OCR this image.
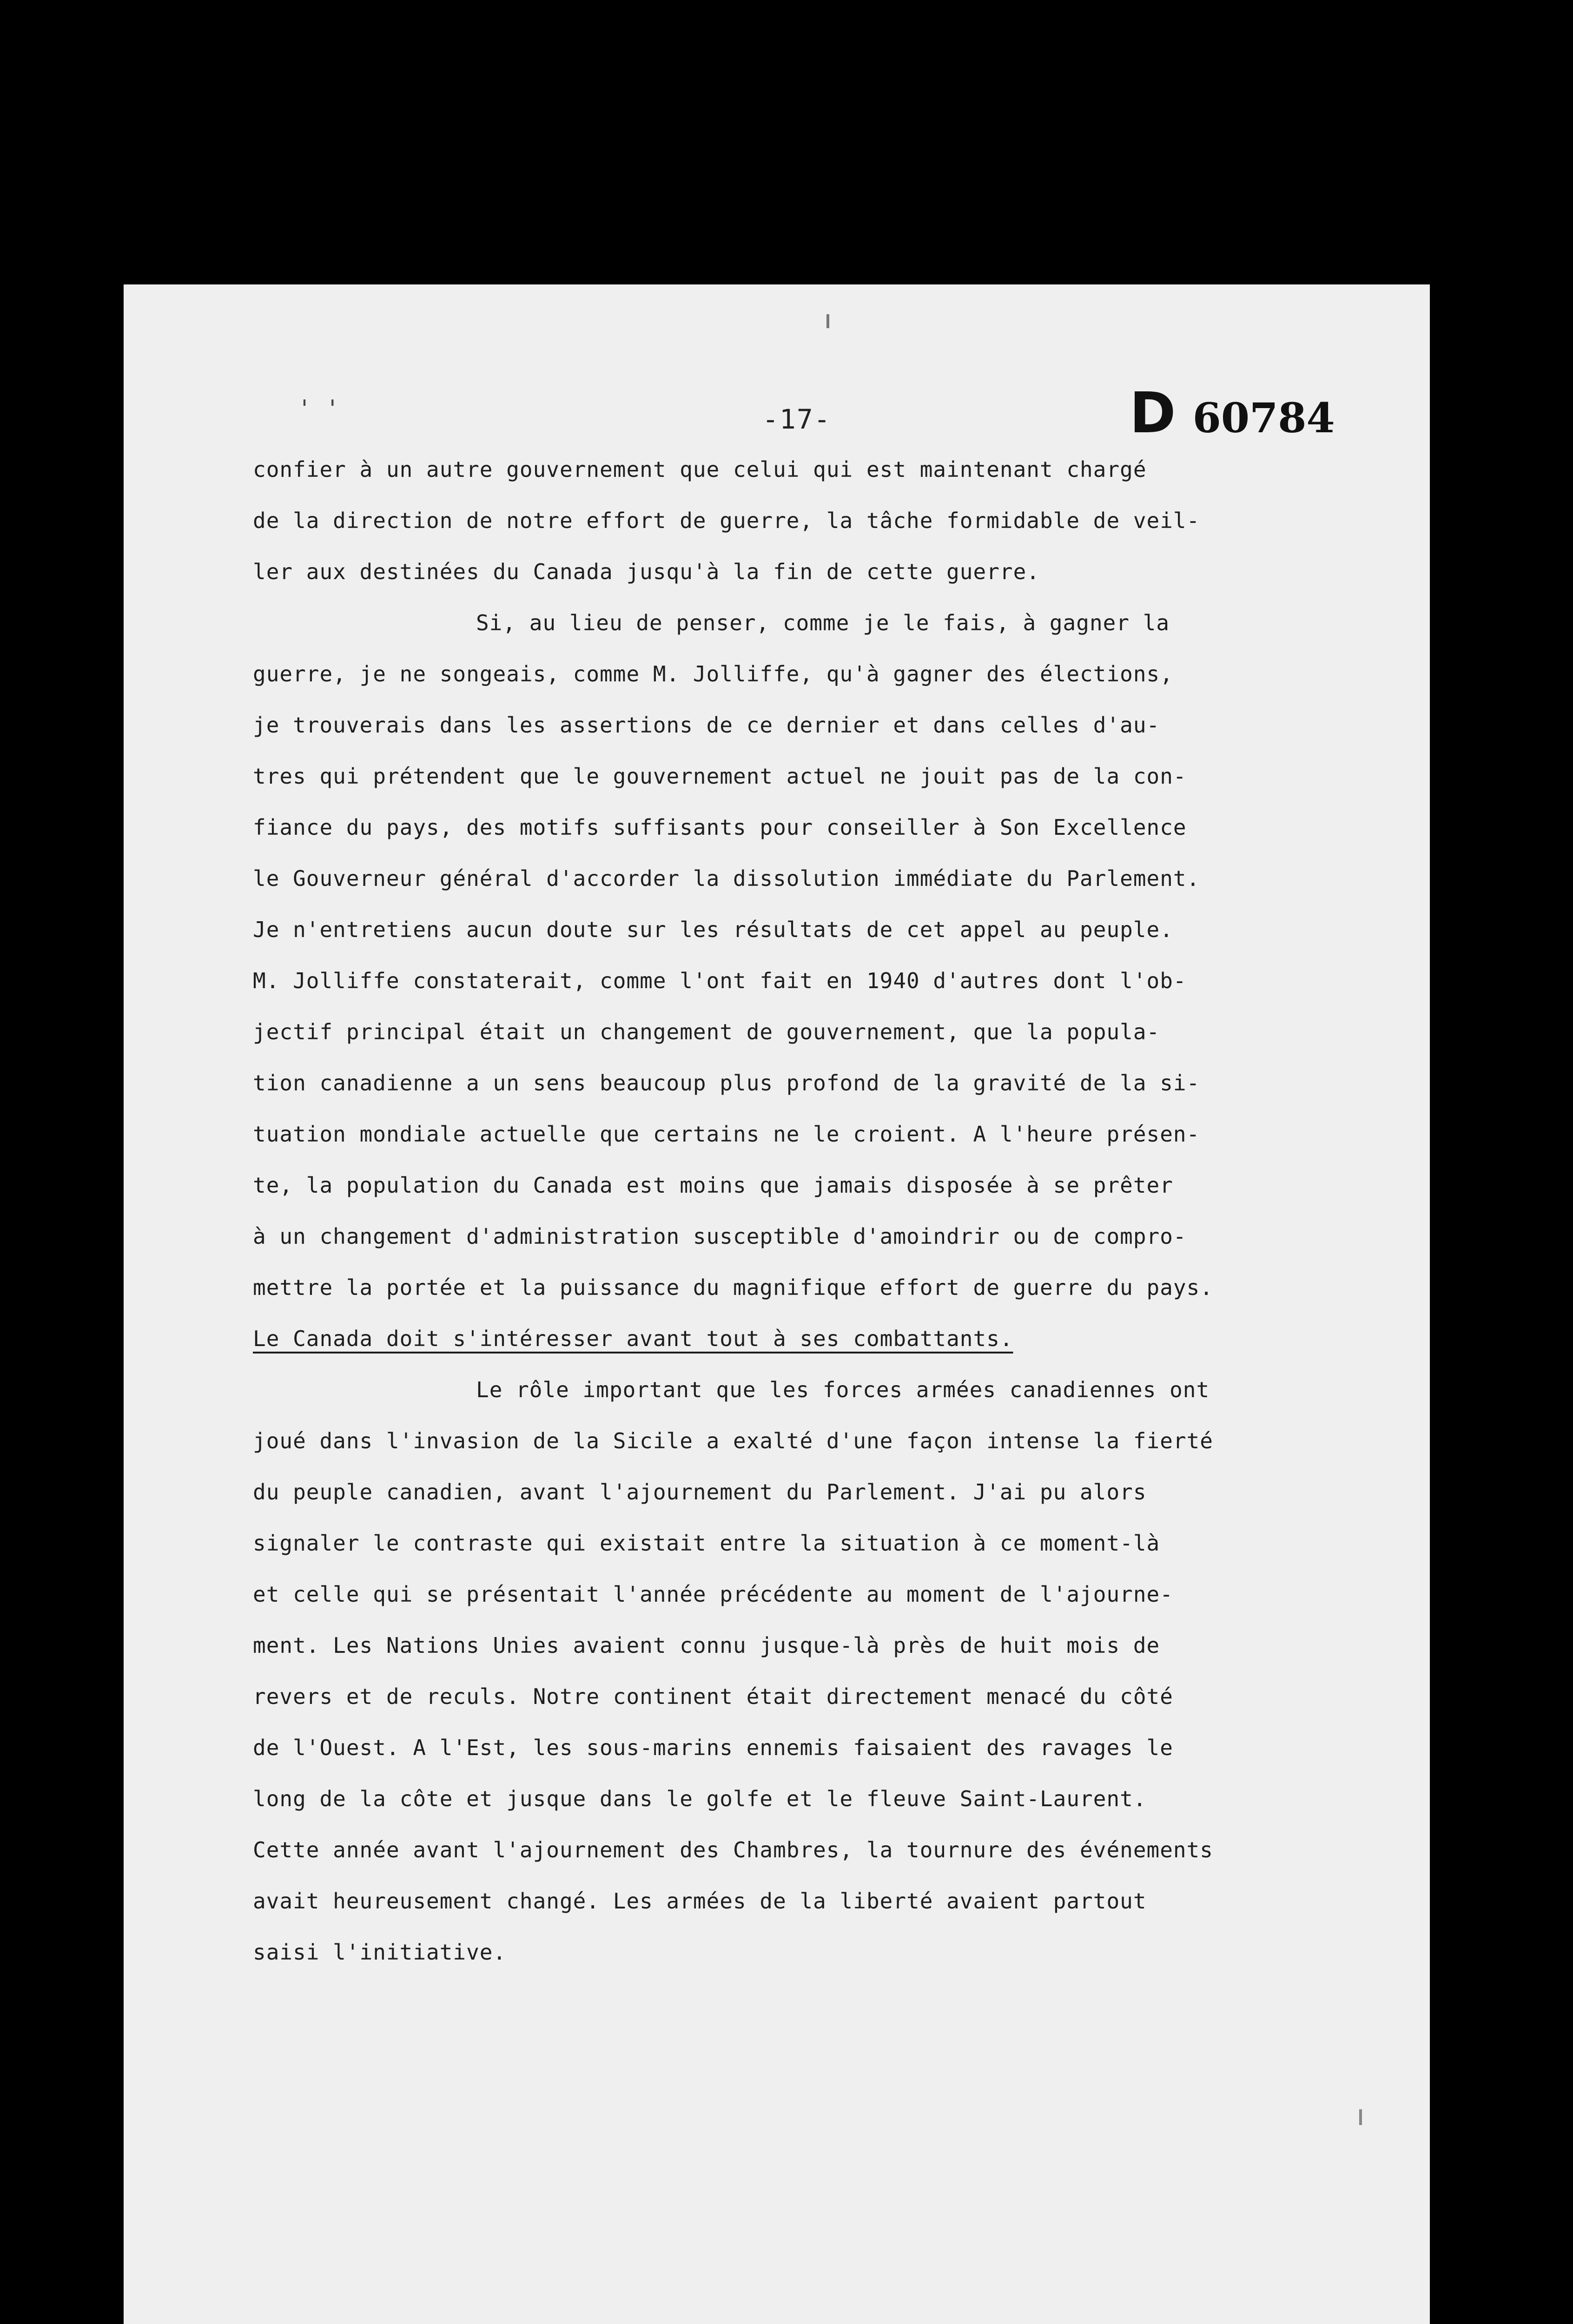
' '	-17-	D 60784
confier à un autre gouvernement que celui qui est maintenant chargé
de la direction de notre effort de guerre, la tâche formidable de veil-
ler aux destinées du Canada jusqu'à la fin de cette guerre.
Si, au lieu de penser, comme je le fais, à gagner la
guerre, je ne songeais, comme M. Jolliffe, qu'à gagner des élections,
je trouverais dans les assertions de ce dernier et dans celles d'au-
tres qui prétendent que le gouvernement actuel ne jouit pas de la con-
fiance du pays, des motifs suffisants pour conseiller à Son Excellence
le Gouverneur général d'accorder la dissolution immédiate du Parlement.
Je n'entretiens aucun doute sur les résultats de cet appel au peuple.
M. Jolliffe constaterait, comme l'ont fait en 1940 d'autres dont l'ob-
jectif principal était un changement de gouvernement, que la popula-
tion canadienne a un sens beaucoup plus profond de la gravité de la si-
tuation mondiale actuelle que certains ne le croient. A l'heure présen-
te, la population du Canada est moins que jamais disposée à se prêter
à un changement d'administration susceptible d'amoindrir ou de compro-
mettre la portée et la puissance du magnifique effort de guerre du pays.
Le Canada doit s'intéresser avant tout à ses combattants.
Le rôle important que les forces armées canadiennes ont
joué dans l'invasion de la Sicile a exalté d'une façon intense la fierté
du peuple canadien, avant l'ajournement du Parlement. J'ai pu alors
signaler le contraste qui existait entre la situation à ce moment-là
et celle qui se présentait l'année précédente au moment de l'ajourne-
ment. Les Nations Unies avaient connu jusque-là près de huit mois de
revers et de reculs. Notre continent était directement menacé du côté
de l'Ouest. A l'Est, les sous-marins ennemis faisaient des ravages le
long de la côte et jusque dans le golfe et le fleuve Saint-Laurent.
Cette année avant l'ajournement des Chambres, la tournure des événements
avait heureusement changé. Les armées de la liberté avaient partout
saisi l'initiative.
